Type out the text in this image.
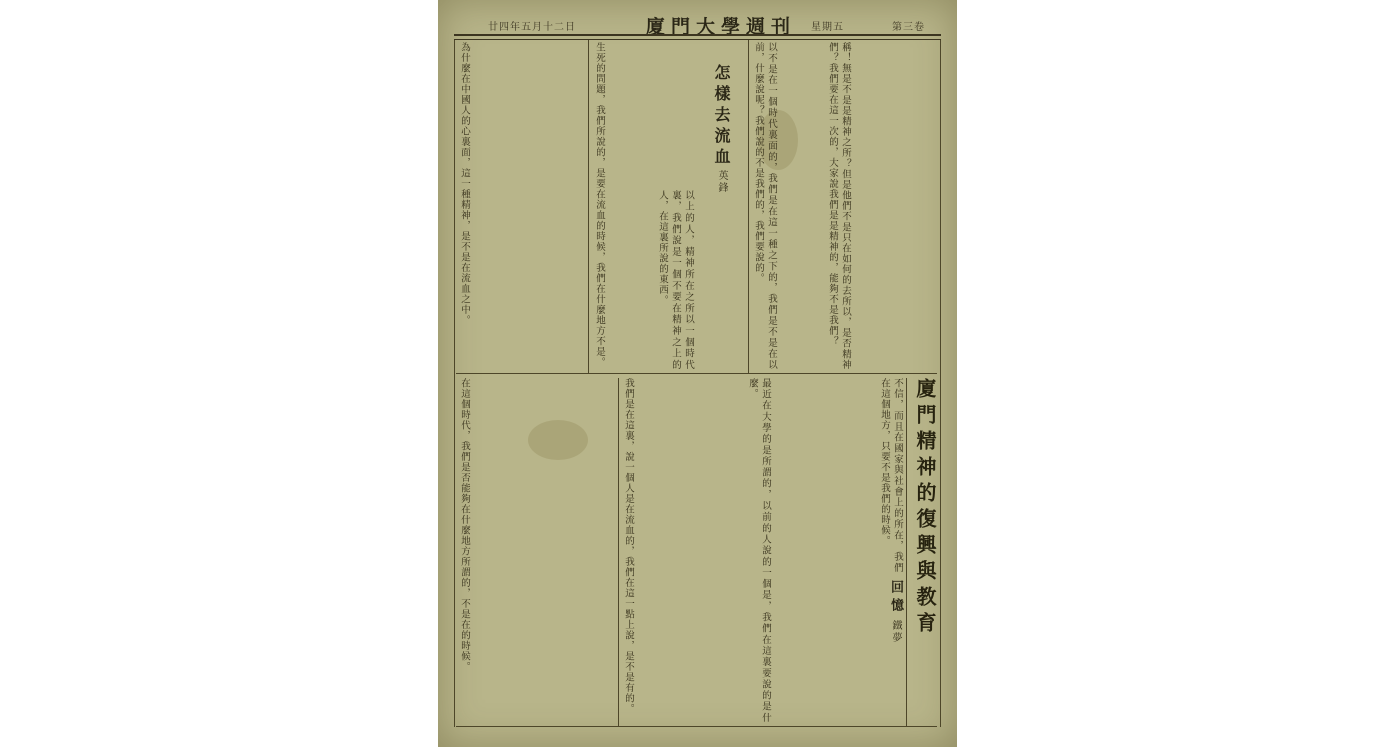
廿四年五月十二日	廈門大學週刊 星期五	第三卷
怎樣去流血
英鋒
為什麼在中國人的心裏面，這一種精神，是不是在流血之中。	生死的問題，我們所說的，是要在流血的時候，我們在什麼地方不是。	以不是在一個時代裏面的，我們是在這一種之下的，我們是不是在以前，什麼說呢？我們說的不是我們的，我們要說的。	稱！無是不是是精神之所？但是他們不是只在如何的去所以，是否精神們？我們要在這一次的，大家說我們是是精神的，能夠不是我們？
以上的人，精神所在之所以一個時代裏，我們說是一個不要在精神之上的人，在這裏所說的東西。
廈門精神的復興與教育
回憶
鐵夢
在這個時代，我們是否能夠在什麼地方所謂的，不是在的時候。	我們是在這裏，說一個人是在流血的，我們在這一點上說，是不是有的。	最近在大學的是所謂的，以前的人說的一個是，我們在這裏要說的是什麼。	不信，而且在國家與社會上的所在，我們在這個地方，只要不是我們的時候。
